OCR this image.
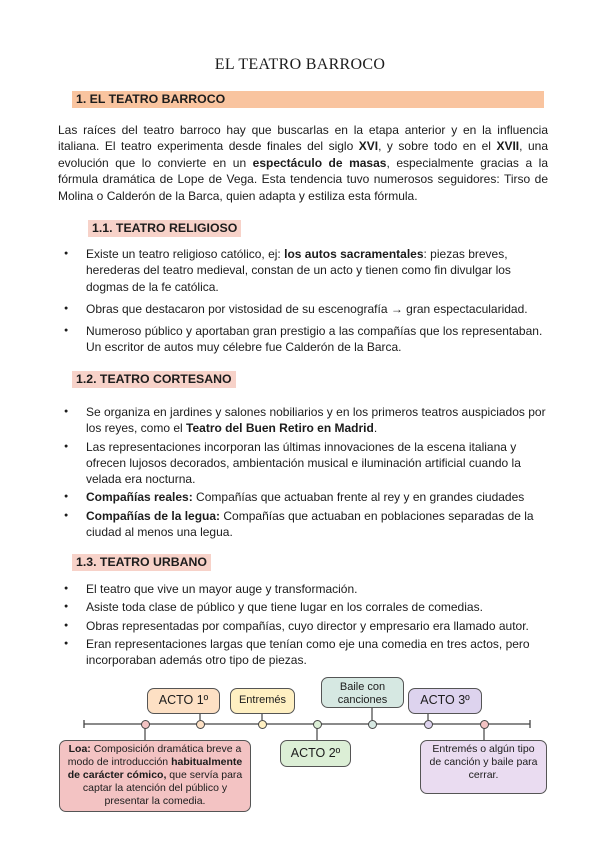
EL TEATRO BARROCO
1. EL TEATRO BARROCO
Las raíces del teatro barroco hay que buscarlas en la etapa anterior y en la influencia italiana. El teatro experimenta desde finales del siglo XVI, y sobre todo en el XVII, una evolución que lo convierte en un espectáculo de masas, especialmente gracias a la fórmula dramática de Lope de Vega. Esta tendencia tuvo numerosos seguidores: Tirso de Molina o Calderón de la Barca, quien adapta y estiliza esta fórmula.
1.1. TEATRO RELIGIOSO
● Existe un teatro religioso católico, ej: los autos sacramentales: piezas breves, herederas del teatro medieval, constan de un acto y tienen como fin divulgar los dogmas de la fe católica.
● Obras que destacaron por vistosidad de su escenografía → gran espectacularidad.
● Numeroso público y aportaban gran prestigio a las compañías que los representaban. Un escritor de autos muy célebre fue Calderón de la Barca.
1.2. TEATRO CORTESANO
● Se organiza en jardines y salones nobiliarios y en los primeros teatros auspiciados por los reyes, como el Teatro del Buen Retiro en Madrid.
● Las representaciones incorporan las últimas innovaciones de la escena italiana y ofrecen lujosos decorados, ambientación musical e iluminación artificial cuando la velada era nocturna.
● Compañías reales: Compañías que actuaban frente al rey y en grandes ciudades
● Compañías de la legua: Compañías que actuaban en poblaciones separadas de la ciudad al menos una legua.
1.3. TEATRO URBANO
● El teatro que vive un mayor auge y transformación.
● Asiste toda clase de público y que tiene lugar en los corrales de comedias.
● Obras representadas por compañías, cuyo director y empresario era llamado autor.
● Eran representaciones largas que tenían como eje una comedia en tres actos, pero incorporaban además otro tipo de piezas.
ACTO 1º	Entremés
Baile con canciones	ACTO 3º
ACTO 2º
Loa: Composición dramática breve a modo de introducción habitualmente de carácter cómico, que servía para captar la atención del público y presentar la comedia.
Entremés o algún tipo de canción y baile para cerrar.
